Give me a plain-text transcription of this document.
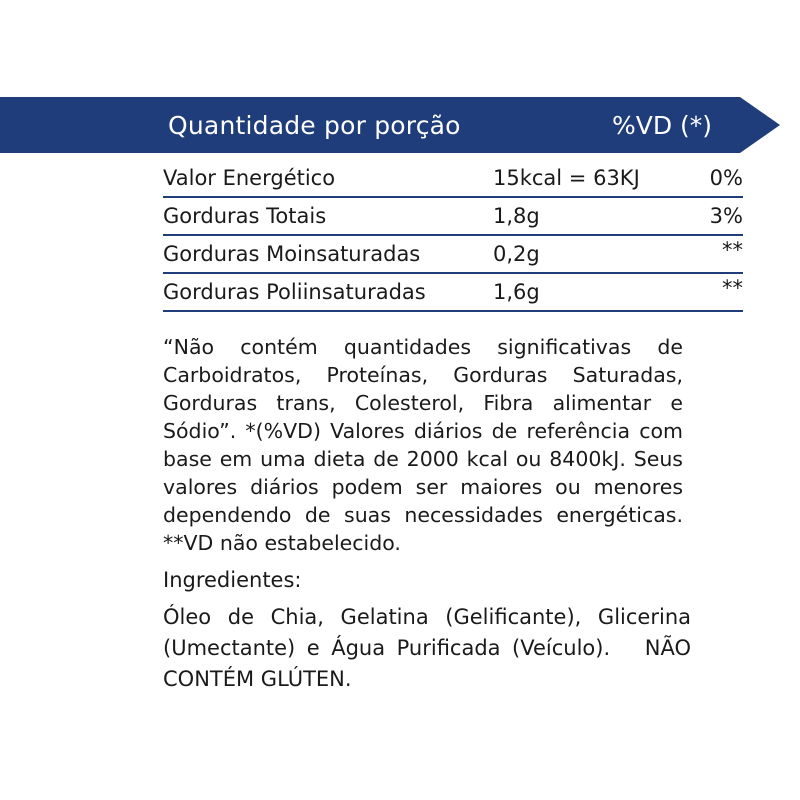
Quantidade por porção	%VD (*)
Valor Energético	15kcal = 63KJ	0%
Gorduras Totais	1,8g	3%
Gorduras Moinsaturadas	0,2g	**
Gorduras Poliinsaturadas	1,6g	**
“Não contém quantidades significativas de Carboidratos, Proteínas, Gorduras Saturadas, Gorduras trans, Colesterol, Fibra alimentar e Sódio”. *(%VD) Valores diários de referência com base em uma dieta de 2000 kcal ou 8400kJ. Seus valores diários podem ser maiores ou menores dependendo de suas necessidades energéticas. **VD não estabelecido.
Ingredientes:
Óleo de Chia, Gelatina (Gelificante), Glicerina (Umectante) e Água Purificada (Veículo). NÃO CONTÉM GLÚTEN.
